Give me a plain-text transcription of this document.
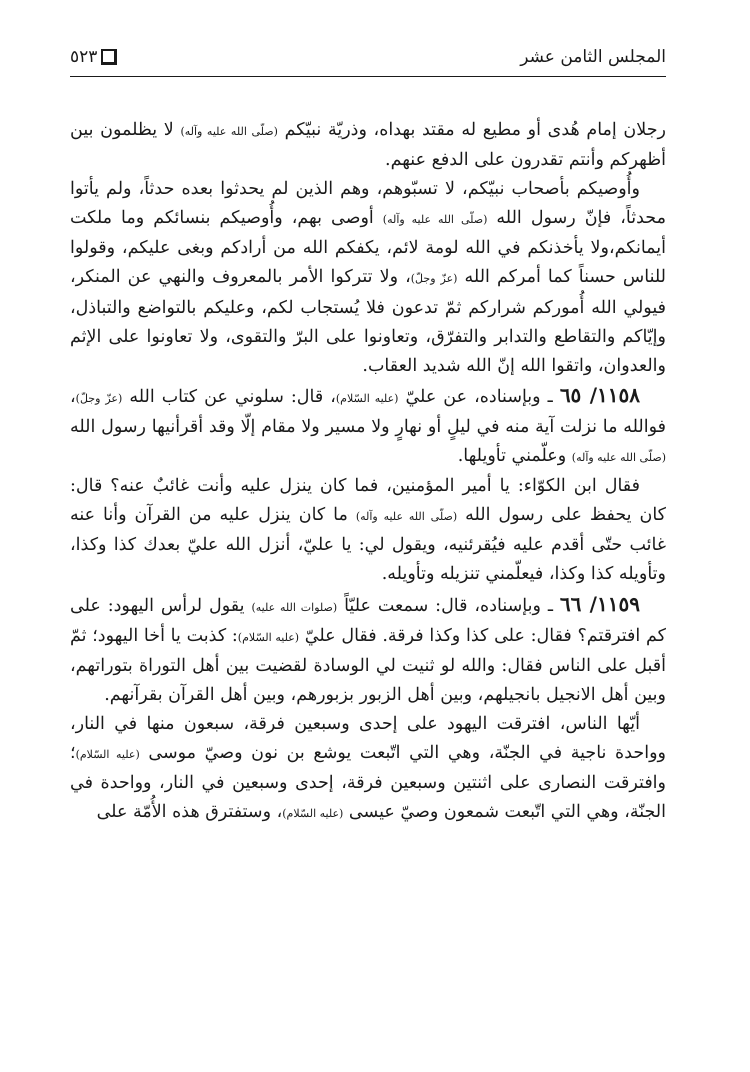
المجلس الثامن عشر
٥٢٣

رجلان إمام هُدى أو مطيع له مقتد بهداه، وذريّة نبيّكم (صلّى الله عليه وآله) لا يظلمون بين أظهركم وأنتم تقدرون على الدفع عنهم.

وأُوصيكم بأصحاب نبيّكم، لا تسبّوهم، وهم الذين لم يحدثوا بعده حدثاً، ولم يأتوا محدثاً، فإنّ رسول الله (صلّى الله عليه وآله) أوصى بهم، وأُوصيكم بنسائكم وما ملكت أيمانكم،ولا يأخذنكم في الله لومة لائم، يكفكم الله من أرادكم وبغى عليكم، وقولوا للناس حسناً كما أمركم الله (عزّ وجلّ)، ولا تتركوا الأمر بالمعروف والنهي عن المنكر، فيولي الله أُموركم شراركم ثمّ تدعون فلا يُستجاب لكم، وعليكم بالتواضع والتباذل، وإيّاكم والتقاطع والتدابر والتفرّق، وتعاونوا على البرّ والتقوى، ولا تعاونوا على الإثم والعدوان، واتقوا الله إنّ الله شديد العقاب.

١١٥٨/ ٦٥ ـ وبإسناده، عن عليّ (عليه السّلام)، قال: سلوني عن كتاب الله (عزّ وجلّ)، فوالله ما نزلت آية منه في ليلٍ أو نهارٍ ولا مسير ولا مقام إلّا وقد أقرأنيها رسول الله (صلّى الله عليه وآله) وعلّمني تأويلها.

فقال ابن الكوّاء: يا أمير المؤمنين، فما كان ينزل عليه وأنت غائبٌ عنه؟ قال: كان يحفظ على رسول الله (صلّى الله عليه وآله) ما كان ينزل عليه من القرآن وأنا عنه غائب حتّى أقدم عليه فيُقرئنيه، ويقول لي: يا عليّ، أنزل الله عليّ بعدك كذا وكذا، وتأويله كذا وكذا، فيعلّمني تنزيله وتأويله.

١١٥٩/ ٦٦ ـ وبإسناده، قال: سمعت عليّاً (صلوات الله عليه) يقول لرأس اليهود: على كم افترقتم؟ فقال: على كذا وكذا فرقة. فقال عليّ (عليه السّلام): كذبت يا أخا اليهود؛ ثمّ أقبل على الناس فقال: والله لو ثنيت لي الوسادة لقضيت بين أهل التوراة بتوراتهم، وبين أهل الانجيل بانجيلهم، وبين أهل الزبور بزبورهم، وبين أهل القرآن بقرآنهم.

أيّها الناس، افترقت اليهود على إحدى وسبعين فرقة، سبعون منها في النار، وواحدة ناجية في الجنّة، وهي التي اتّبعت يوشع بن نون وصيّ موسى (عليه السّلام)؛ وافترقت النصارى على اثنتين وسبعين فرقة، إحدى وسبعين في النار، وواحدة في الجنّة، وهي التي اتّبعت شمعون وصيّ عيسى (عليه السّلام)، وستفترق هذه الأُمّة على
